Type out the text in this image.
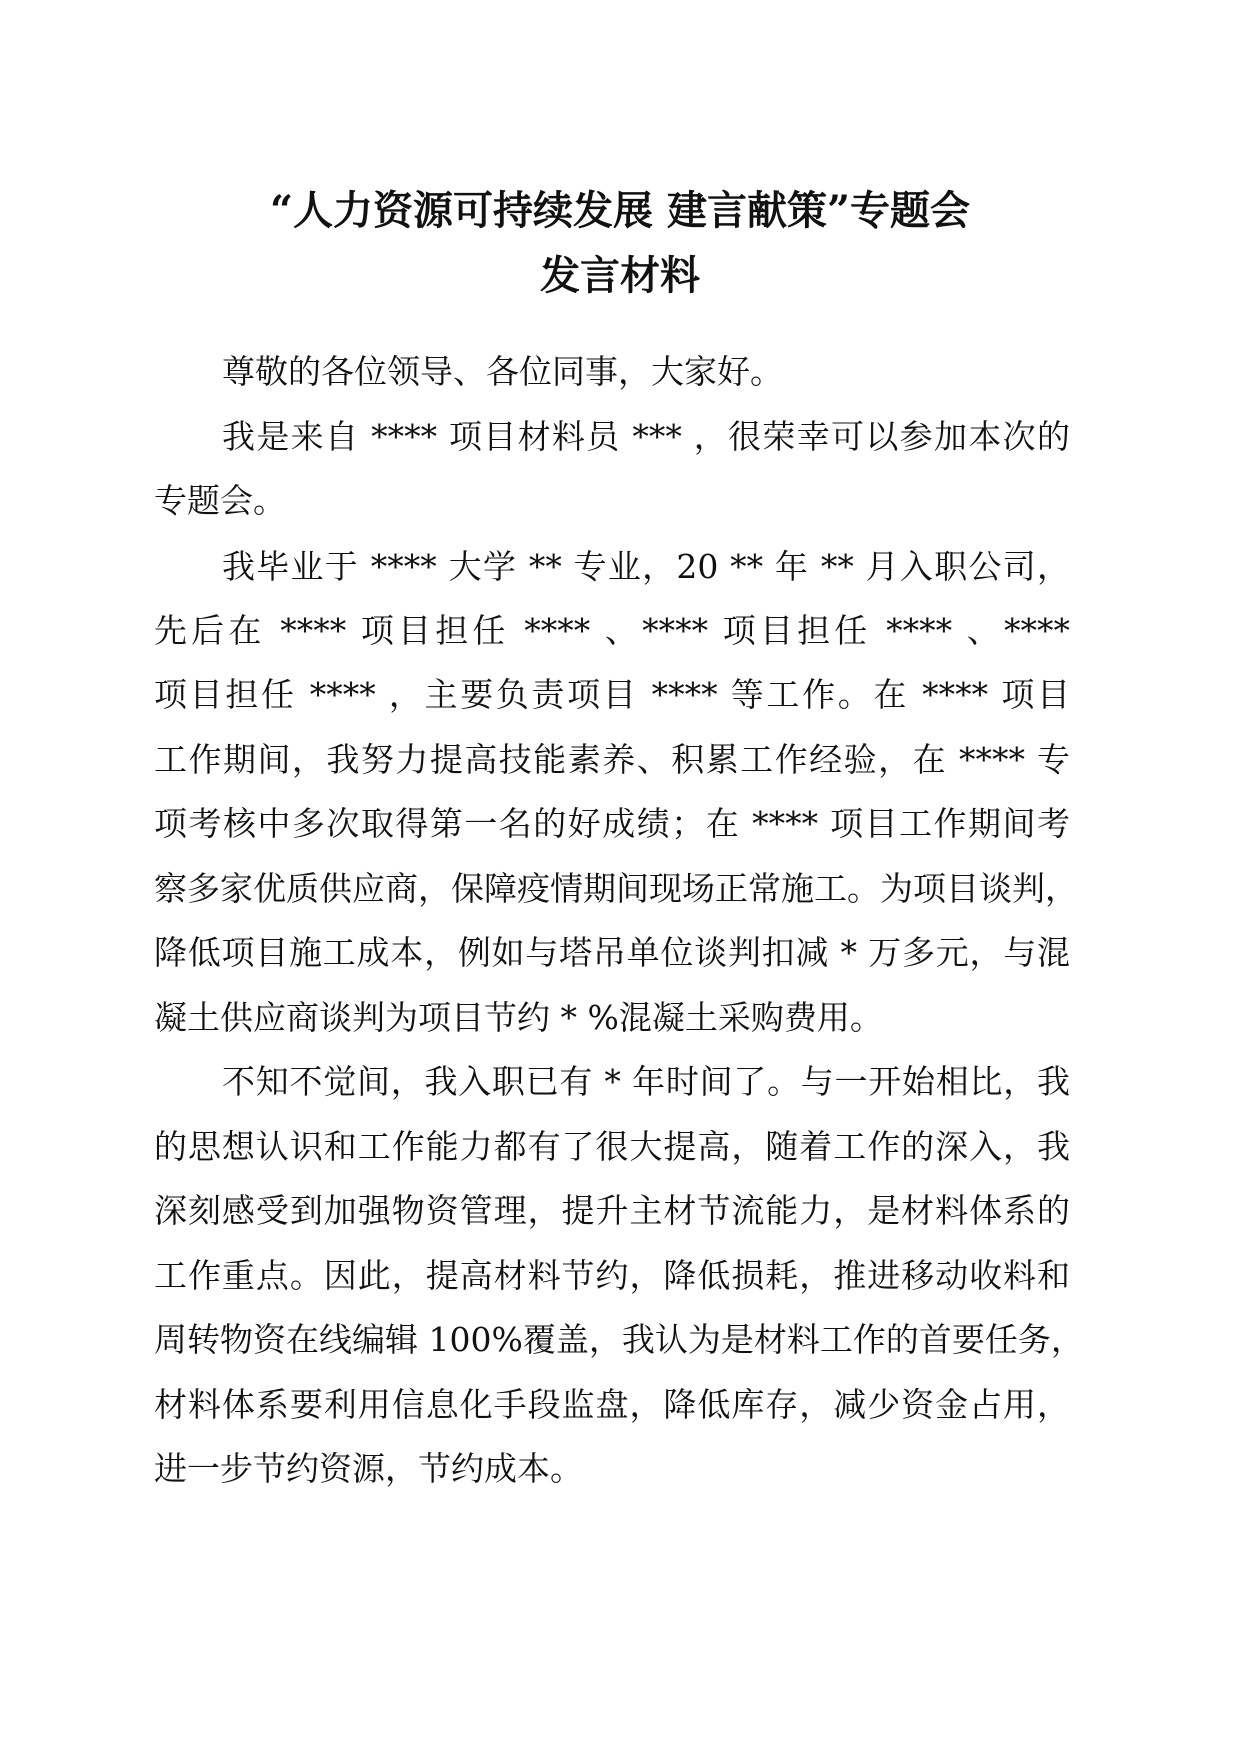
“人力资源可持续发展 建言献策”专题会
发言材料

尊敬的各位领导、各位同事，大家好。

我是来自 **** 项目材料员 *** ，很荣幸可以参加本次的

专题会。

我毕业于 **** 大学 ** 专业，20 ** 年 ** 月入职公司，

先后在 **** 项目担任 **** 、**** 项目担任 **** 、****

项目担任 **** ，主要负责项目 **** 等工作。在 **** 项目

工作期间，我努力提高技能素养、积累工作经验，在 **** 专

项考核中多次取得第一名的好成绩；在 **** 项目工作期间考

察多家优质供应商，保障疫情期间现场正常施工。为项目谈判，

降低项目施工成本，例如与塔吊单位谈判扣减 * 万多元，与混

凝土供应商谈判为项目节约 * %混凝土采购费用。

不知不觉间，我入职已有 * 年时间了。与一开始相比，我

的思想认识和工作能力都有了很大提高，随着工作的深入，我

深刻感受到加强物资管理，提升主材节流能力，是材料体系的

工作重点。因此，提高材料节约，降低损耗，推进移动收料和

周转物资在线编辑 100%覆盖，我认为是材料工作的首要任务，

材料体系要利用信息化手段监盘，降低库存，减少资金占用，

进一步节约资源，节约成本。
